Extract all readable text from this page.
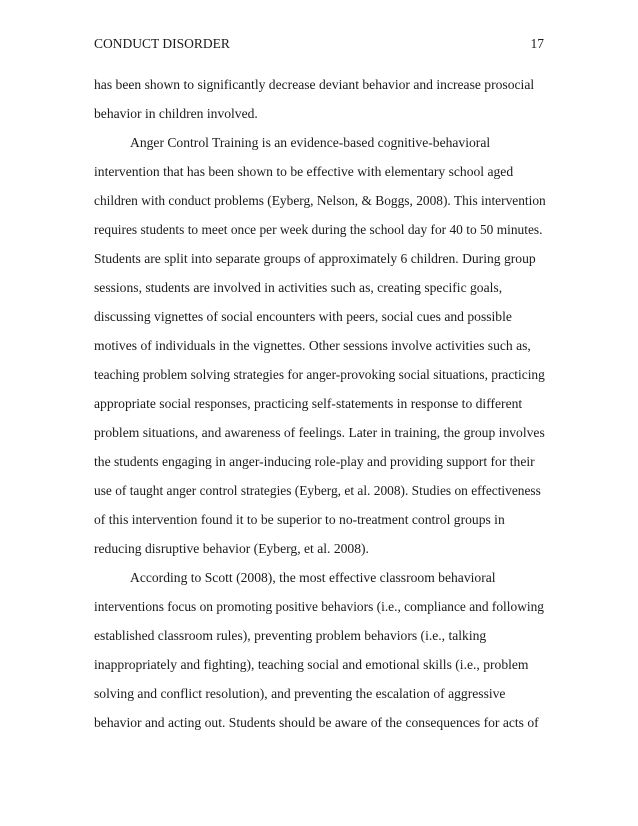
CONDUCT DISORDER	17
has been shown to significantly decrease deviant behavior and increase prosocial
behavior in children involved.
Anger Control Training is an evidence-based cognitive-behavioral
intervention that has been shown to be effective with elementary school aged
children with conduct problems (Eyberg, Nelson, & Boggs, 2008). This intervention
requires students to meet once per week during the school day for 40 to 50 minutes.
Students are split into separate groups of approximately 6 children. During group
sessions, students are involved in activities such as, creating specific goals,
discussing vignettes of social encounters with peers, social cues and possible
motives of individuals in the vignettes. Other sessions involve activities such as,
teaching problem solving strategies for anger-provoking social situations, practicing
appropriate social responses, practicing self-statements in response to different
problem situations, and awareness of feelings. Later in training, the group involves
the students engaging in anger-inducing role-play and providing support for their
use of taught anger control strategies (Eyberg, et al. 2008). Studies on effectiveness
of this intervention found it to be superior to no-treatment control groups in
reducing disruptive behavior (Eyberg, et al. 2008).
According to Scott (2008), the most effective classroom behavioral
interventions focus on promoting positive behaviors (i.e., compliance and following
established classroom rules), preventing problem behaviors (i.e., talking
inappropriately and fighting), teaching social and emotional skills (i.e., problem
solving and conflict resolution), and preventing the escalation of aggressive
behavior and acting out. Students should be aware of the consequences for acts of
